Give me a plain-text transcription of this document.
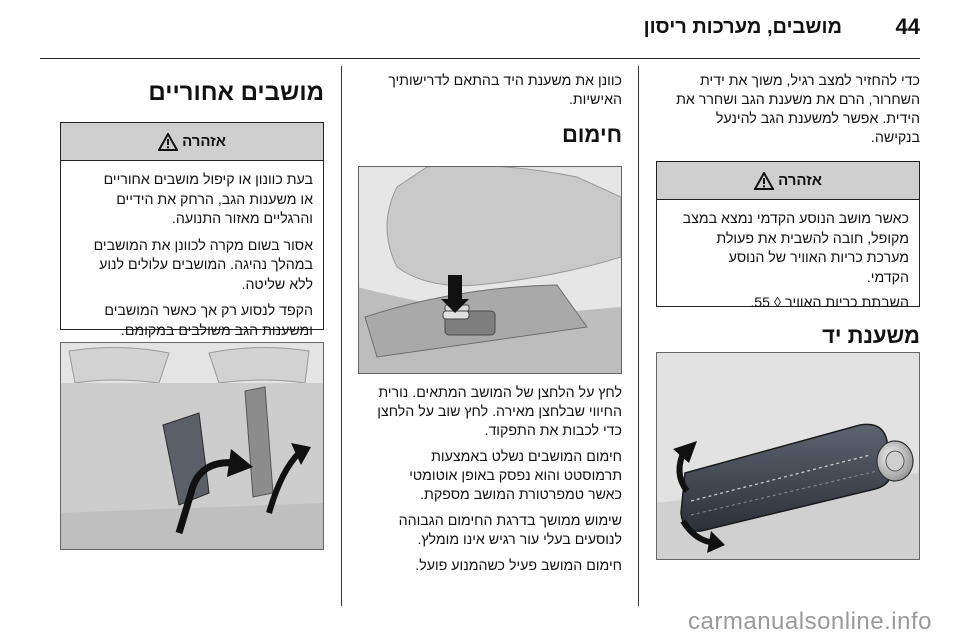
44
מושבים, מערכות ריסון

כדי להחזיר למצב רגיל, משוך את ידית
השחרור, הרם את משענת הגב ושחרר את
הידית. אפשר למשענת הגב להינעל
בנקישה.

אזהרה

כאשר מושב הנוסע הקדמי נמצא במצב
מקופל, חובה להשבית את פעולת
מערכת כריות האוויר של הנוסע
הקדמי.

השבתת כריות האוויר ◊ 55.

משענת יד

כוונן את משענת היד בהתאם לדרישותיך
האישיות.

חימום

לחץ על הלחצן של המושב המתאים. נורית
החיווי שבלחצן מאירה. לחץ שוב על הלחצן
כדי לכבות את התפקוד.

חימום המושבים נשלט באמצעות
תרמוסטט והוא נפסק באופן אוטומטי
כאשר טמפרטורת המושב מספקת.

שימוש ממושך בדרגת החימום הגבוהה
לנוסעים בעלי עור רגיש אינו מומלץ.

חימום המושב פעיל כשהמנוע פועל.

מושבים אחוריים
אזהרה

בעת כוונון או קיפול מושבים אחוריים
או משענות הגב, הרחק את הידיים
והרגליים מאזור התנועה.

אסור בשום מקרה לכוונן את המושבים
במהלך נהיגה. המושבים עלולים לנוע
ללא שליטה.

הקפד לנסוע רק אך כאשר המושבים
ומשענות הגב משולבים במקומם.

carmanualsonline.info
